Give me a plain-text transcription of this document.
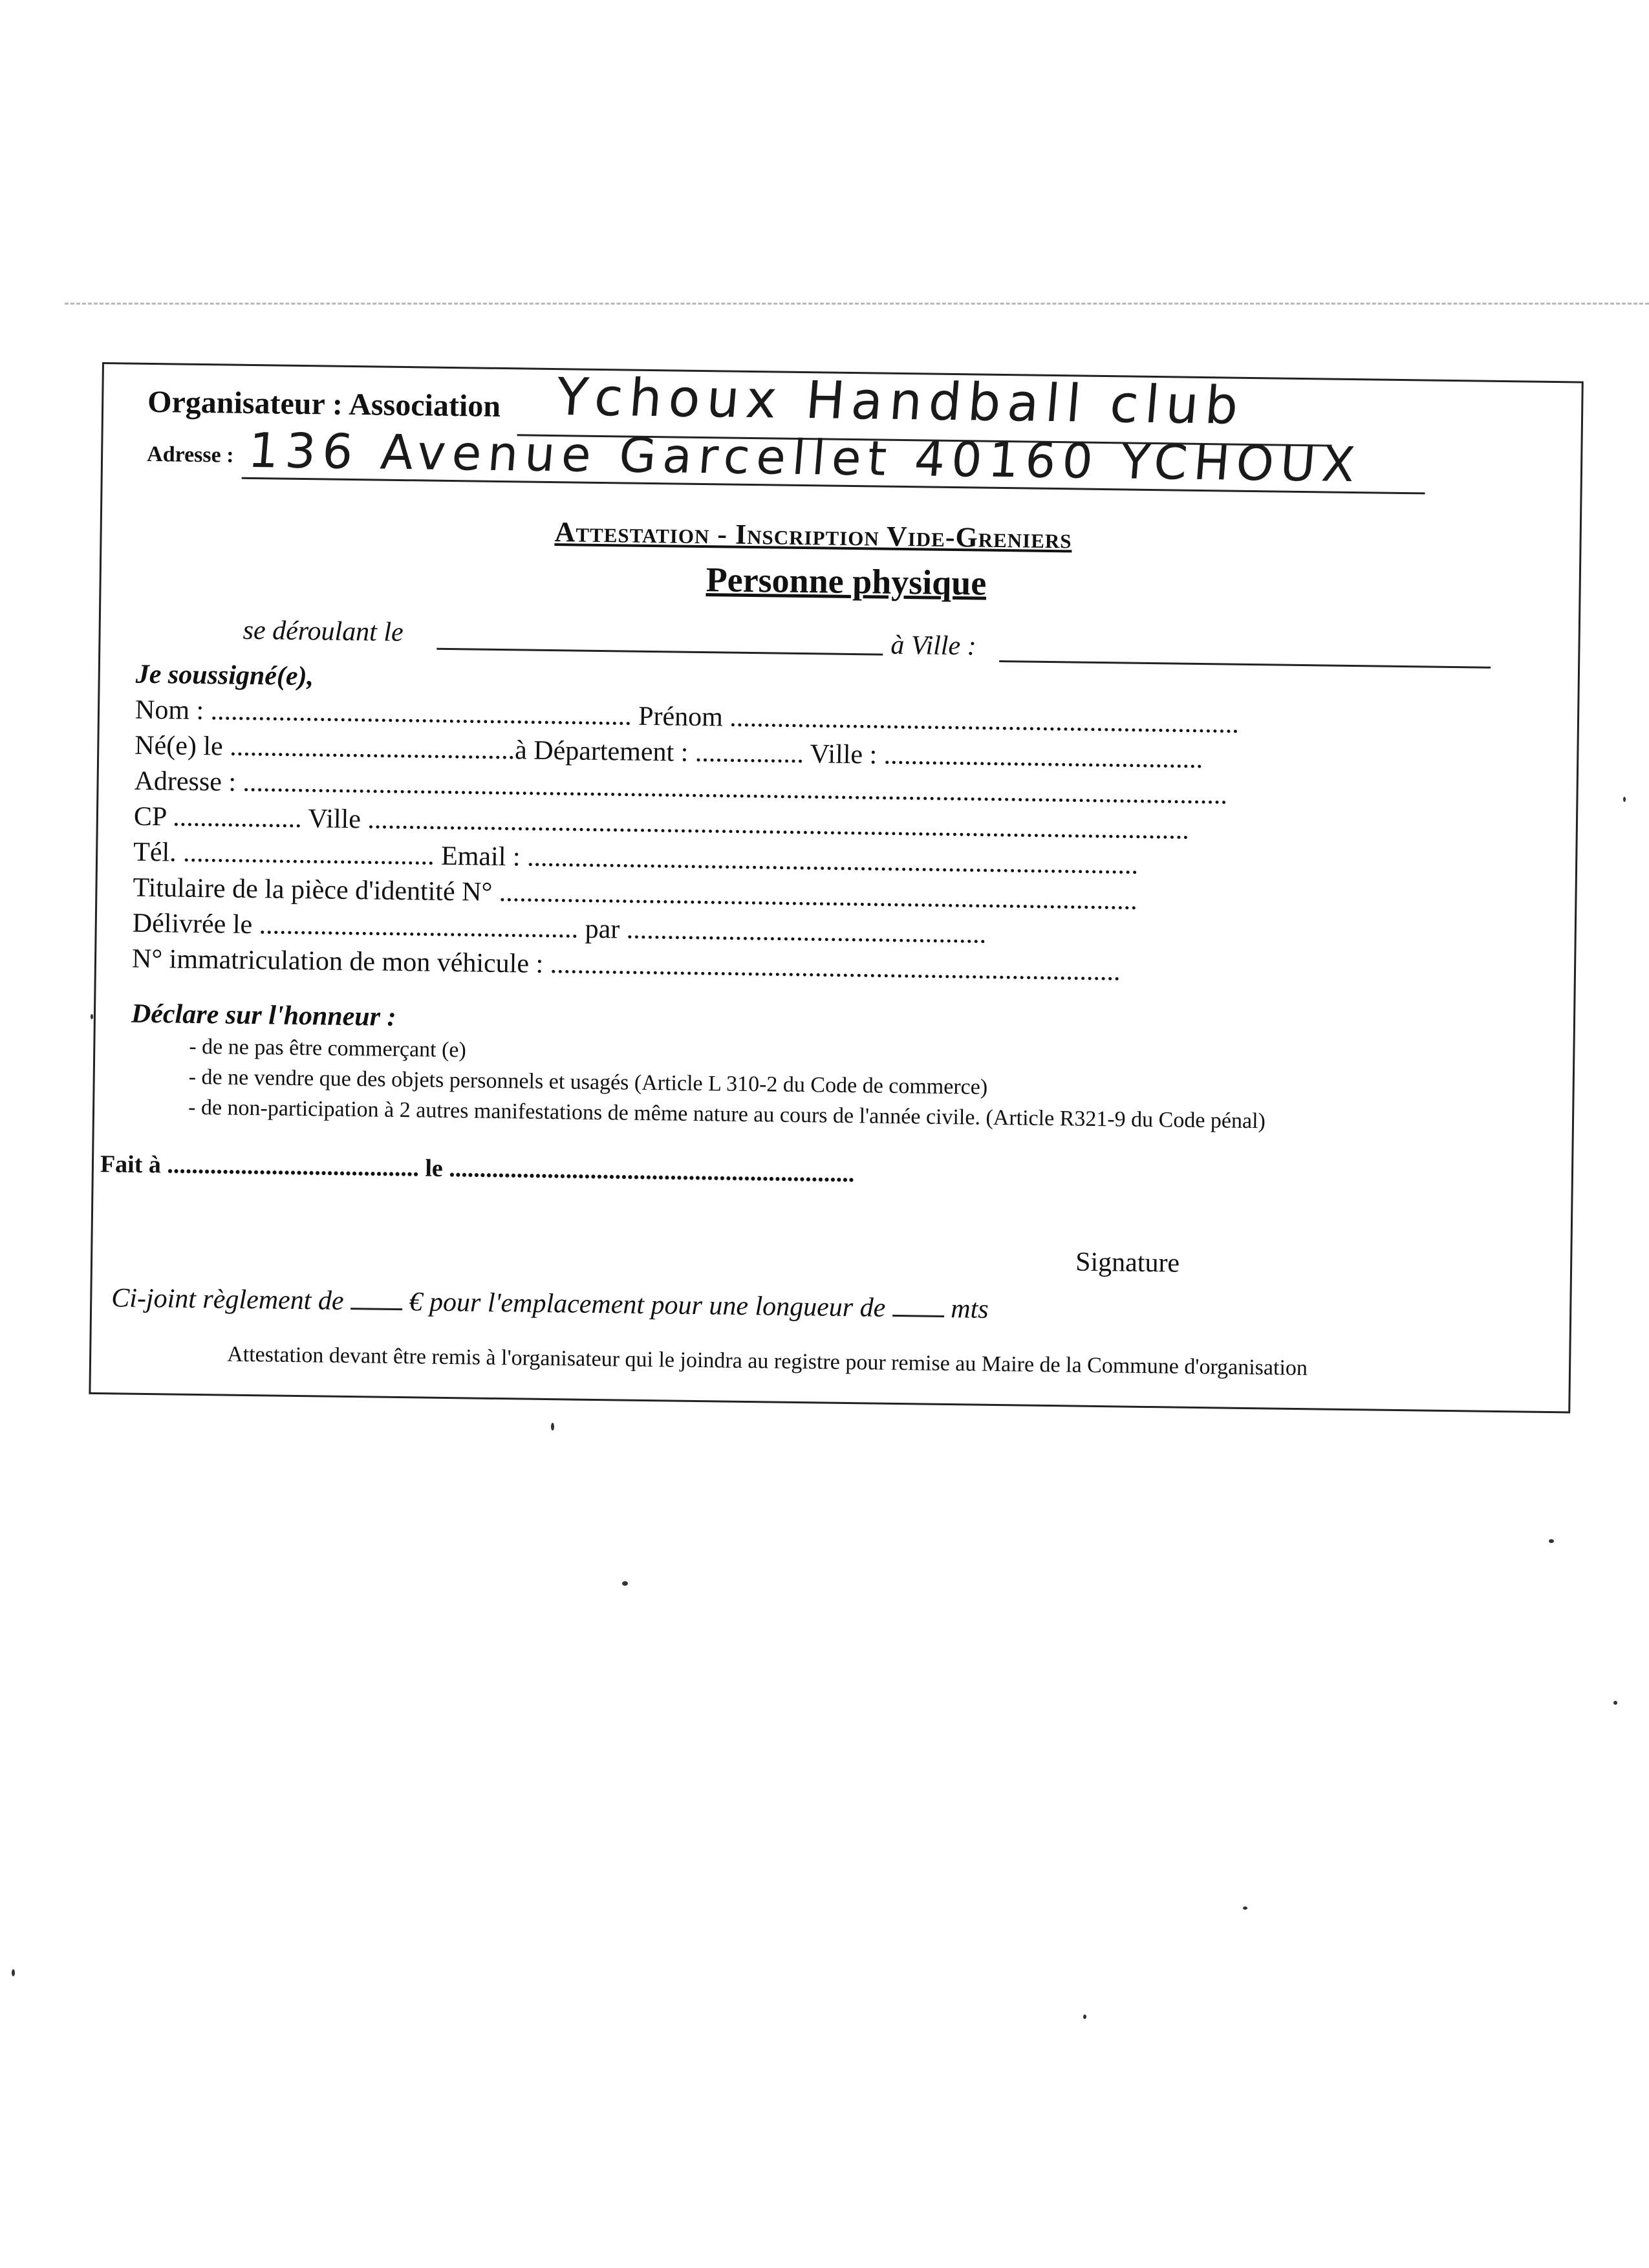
Organisateur : Association Ychoux Handball club
Adresse : 136 Avenue Garcellet 40160 YCHOUX
Attestation - Inscription Vide-Greniers
Personne physique
se déroulant le	à Ville :
Je soussigné(e),
Nom : .............................................................. Prénom ...........................................................................
Né(e) le ..........................................à Département : ................ Ville : ...............................................
Adresse : .................................................................................................................................................
CP ................... Ville .........................................................................................................................
Tél. ..................................... Email : ..........................................................................................
Titulaire de la pièce d'identité N° ..............................................................................................
Délivrée le ............................................... par .....................................................
N° immatriculation de mon véhicule : ....................................................................................
Déclare sur l'honneur :
- de ne pas être commerçant (e)
- de ne vendre que des objets personnels et usagés (Article L 310-2 du Code de commerce)
- de non-participation à 2 autres manifestations de même nature au cours de l'année civile. (Article R321-9 du Code pénal)
Fait à ......................................... le ..................................................................
Signature
Ci-joint règlement de € pour l'emplacement pour une longueur de mts
Attestation devant être remis à l'organisateur qui le joindra au registre pour remise au Maire de la Commune d'organisation
